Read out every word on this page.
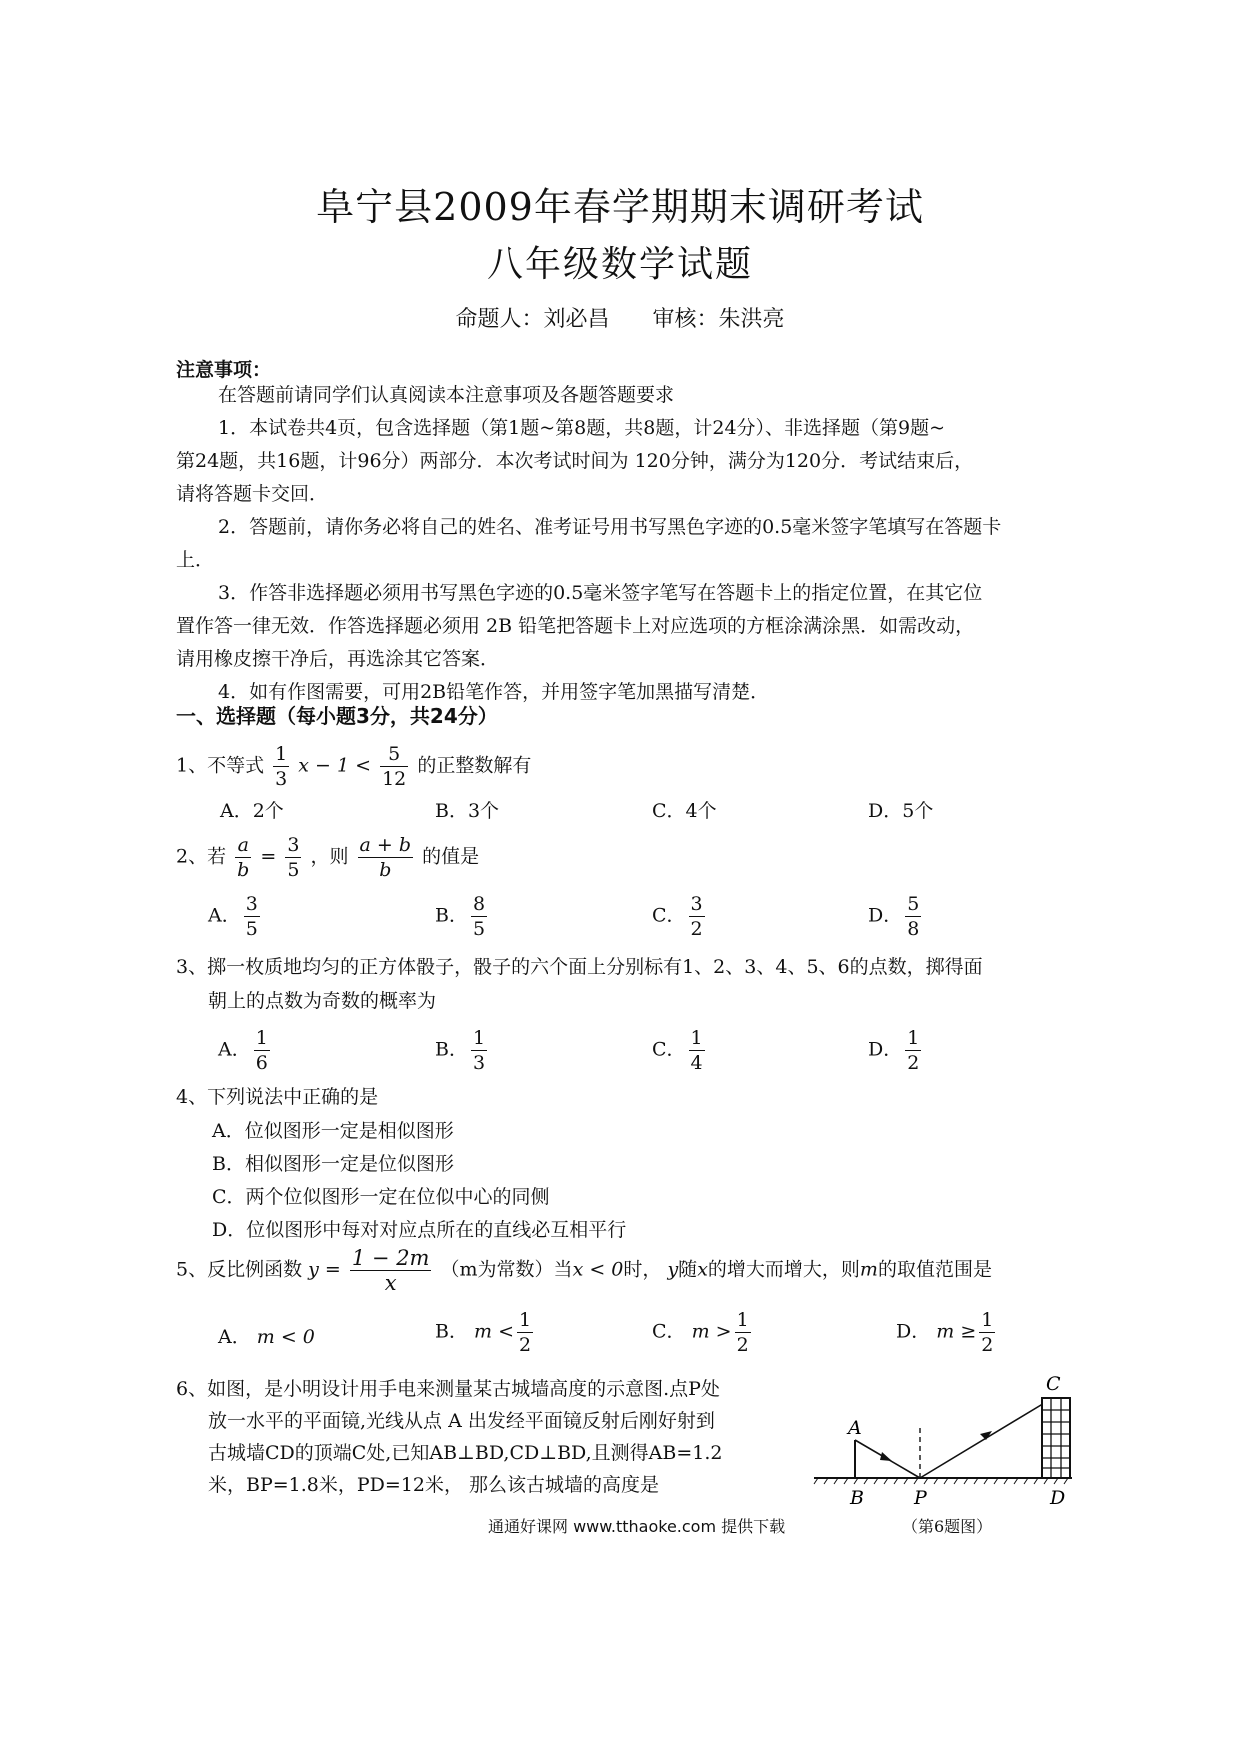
阜宁县2009年春学期期末调研考试
八年级数学试题
命题人：刘必昌 审核：朱洪亮
注意事项：
在答题前请同学们认真阅读本注意事项及各题答题要求
1．本试卷共4页，包含选择题（第1题~第8题，共8题，计24分）、非选择题（第9题~
第24题，共16题，计96分）两部分．本次考试时间为 120分钟，满分为120分．考试结束后，
请将答题卡交回．
2．答题前，请你务必将自己的姓名、准考证号用书写黑色字迹的0.5毫米签字笔填写在答题卡
上．
3．作答非选择题必须用书写黑色字迹的0.5毫米签字笔写在答题卡上的指定位置，在其它位
置作答一律无效．作答选择题必须用 2B 铅笔把答题卡上对应选项的方框涂满涂黑．如需改动，
请用橡皮擦干净后，再选涂其它答案．
4．如有作图需要，可用2B铅笔作答，并用签字笔加黑描写清楚．
一、选择题（每小题3分，共24分）
1、不等式 $\frac{1}{3}$ $x - 1 < \frac{5}{12}$ 的正整数解有
A．2个	B．3个	C．4个	D．5个
2、若 $\frac{a}{b} = \frac{3}{5}$ ，则 $\frac{a + b}{b}$ 的值是
A． $\frac{3}{5}$	B． $\frac{8}{5}$	C． $\frac{3}{2}$	D． $\frac{5}{8}$
3、掷一枚质地均匀的正方体骰子，骰子的六个面上分别标有1、2、3、4、5、6的点数，掷得面
朝上的点数为奇数的概率为
A． $\frac{1}{6}$	B． $\frac{1}{3}$	C． $\frac{1}{4}$	D． $\frac{1}{2}$
4、下列说法中正确的是
A．位似图形一定是相似图形
B．相似图形一定是位似图形
C．两个位似图形一定在位似中心的同侧
D．位似图形中每对对应点所在的直线必互相平行
5、反比例函数 $y = \frac{1 - 2m}{x} (m$为常数）当x < 0时， y随x的增大而增大，则m的取值范围是
A． m < 0	B． $m < \frac{1}{2}$	C． $m > \frac{1}{2}$	D． $m \ge \frac{1}{2}$
6、如图，是小明设计用手电来测量某古城墙高度的示意图.点P处
放一水平的平面镜,光线从点 A 出发经平面镜反射后刚好射到
古城墙CD的顶端C处,已知AB⊥BD,CD⊥BD,且测得AB=1.2
米，BP=1.8米，PD=12米， 那么该古城墙的高度是
A
B	P
C
D
（第6题图）
通通好课网 www.tthaoke.com 提供下载
